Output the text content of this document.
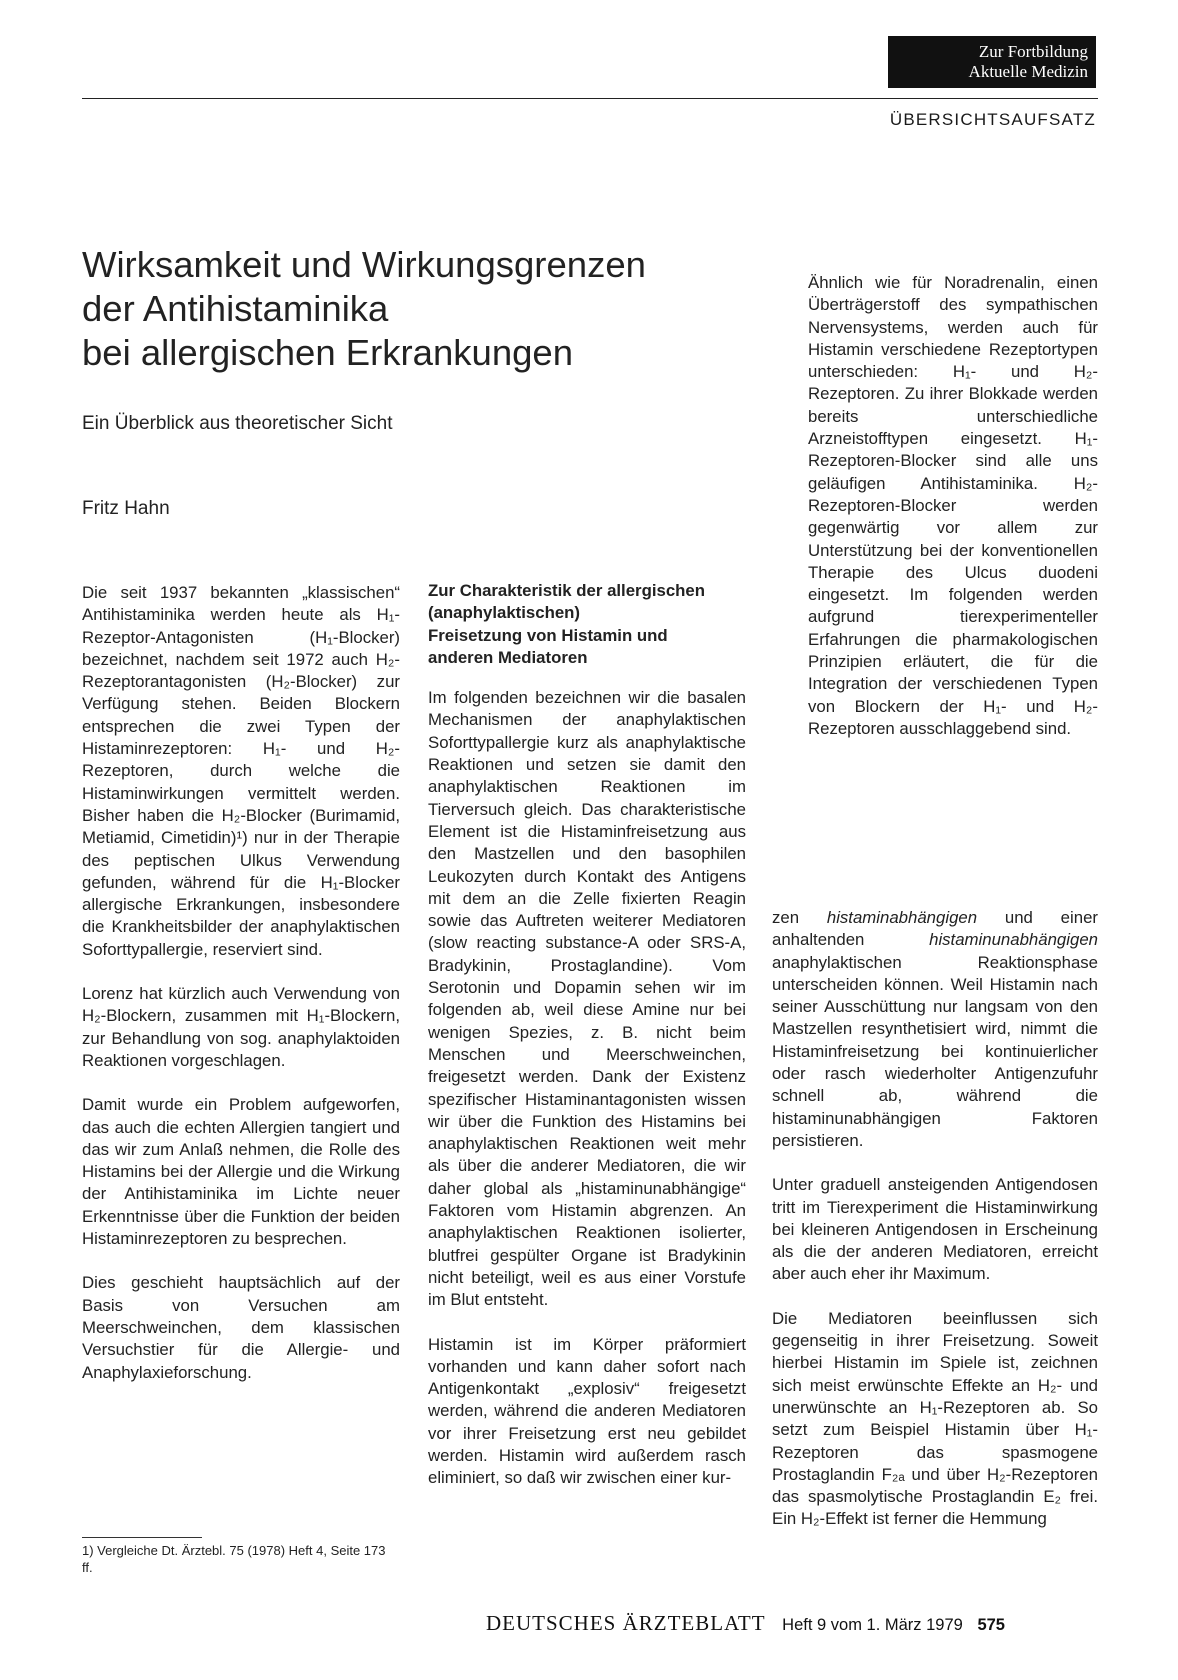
Zur Fortbildung
Aktuelle Medizin
ÜBERSICHTSAUFSATZ
Wirksamkeit und Wirkungsgrenzen
der Antihistaminika
bei allergischen Erkrankungen
Ein Überblick aus theoretischer Sicht
Fritz Hahn

Die seit 1937 bekannten „klassischen“ Antihistaminika werden heute als H₁-Rezeptor-Antagonisten (H₁-Blocker) bezeichnet, nachdem seit 1972 auch H₂-Rezeptorantagonisten (H₂-Blocker) zur Verfügung stehen. Beiden Blockern entsprechen die zwei Typen der Histaminrezeptoren: H₁- und H₂-Rezeptoren, durch welche die Histaminwirkungen vermittelt werden. Bisher haben die H₂-Blocker (Burimamid, Metiamid, Cimetidin)¹) nur in der Therapie des peptischen Ulkus Verwendung gefunden, während für die H₁-Blocker allergische Erkrankungen, insbesondere die Krankheitsbilder der anaphylaktischen Soforttypallergie, reserviert sind.

Lorenz hat kürzlich auch Verwendung von H₂-Blockern, zusammen mit H₁-Blockern, zur Behandlung von sog. anaphylaktoiden Reaktionen vorgeschlagen.

Damit wurde ein Problem aufgeworfen, das auch die echten Allergien tangiert und das wir zum Anlaß nehmen, die Rolle des Histamins bei der Allergie und die Wirkung der Antihistaminika im Lichte neuer Erkenntnisse über die Funktion der beiden Histaminrezeptoren zu besprechen.

Dies geschieht hauptsächlich auf der Basis von Versuchen am Meerschweinchen, dem klassischen Versuchstier für die Allergie- und Anaphylaxieforschung.

1) Vergleiche Dt. Ärztebl. 75 (1978) Heft 4, Seite 173 ff.
Zur Charakteristik der allergischen
(anaphylaktischen)
Freisetzung von Histamin und
anderen Mediatoren

Im folgenden bezeichnen wir die basalen Mechanismen der anaphylaktischen Soforttypallergie kurz als anaphylaktische Reaktionen und setzen sie damit den anaphylaktischen Reaktionen im Tierversuch gleich. Das charakteristische Element ist die Histaminfreisetzung aus den Mastzellen und den basophilen Leukozyten durch Kontakt des Antigens mit dem an die Zelle fixierten Reagin sowie das Auftreten weiterer Mediatoren (slow reacting substance-A oder SRS-A, Bradykinin, Prostaglandine). Vom Serotonin und Dopamin sehen wir im folgenden ab, weil diese Amine nur bei wenigen Spezies, z. B. nicht beim Menschen und Meerschweinchen, freigesetzt werden. Dank der Existenz spezifischer Histaminantagonisten wissen wir über die Funktion des Histamins bei anaphylaktischen Reaktionen weit mehr als über die anderer Mediatoren, die wir daher global als „histaminunabhängige“ Faktoren vom Histamin abgrenzen. An anaphylaktischen Reaktionen isolierter, blutfrei gespülter Organe ist Bradykinin nicht beteiligt, weil es aus einer Vorstufe im Blut entsteht.

Histamin ist im Körper präformiert vorhanden und kann daher sofort nach Antigenkontakt „explosiv“ freigesetzt werden, während die anderen Mediatoren vor ihrer Freisetzung erst neu gebildet werden. Histamin wird außerdem rasch eliminiert, so daß wir zwischen einer kur-

Ähnlich wie für Noradrenalin, einen Überträgerstoff des sympathischen Nervensystems, werden auch für Histamin verschiedene Rezeptortypen unterschieden: H₁- und H₂-Rezeptoren. Zu ihrer Blokkade werden bereits unterschiedliche Arzneistofftypen eingesetzt. H₁-Rezeptoren-Blocker sind alle uns geläufigen Antihistaminika. H₂-Rezeptoren-Blocker werden gegenwärtig vor allem zur Unterstützung bei der konventionellen Therapie des Ulcus duodeni eingesetzt. Im folgenden werden aufgrund tierexperimenteller Erfahrungen die pharmakologischen Prinzipien erläutert, die für die Integration der verschiedenen Typen von Blockern der H₁- und H₂-Rezeptoren ausschlaggebend sind.

zen histaminabhängigen und einer anhaltenden histaminunabhängigen anaphylaktischen Reaktionsphase unterscheiden können. Weil Histamin nach seiner Ausschüttung nur langsam von den Mastzellen resynthetisiert wird, nimmt die Histaminfreisetzung bei kontinuierlicher oder rasch wiederholter Antigenzufuhr schnell ab, während die histaminunabhängigen Faktoren persistieren.

Unter graduell ansteigenden Antigendosen tritt im Tierexperiment die Histaminwirkung bei kleineren Antigendosen in Erscheinung als die der anderen Mediatoren, erreicht aber auch eher ihr Maximum.

Die Mediatoren beeinflussen sich gegenseitig in ihrer Freisetzung. Soweit hierbei Histamin im Spiele ist, zeichnen sich meist erwünschte Effekte an H₂- und unerwünschte an H₁-Rezeptoren ab. So setzt zum Beispiel Histamin über H₁-Rezeptoren das spasmogene Prostaglandin F₂ₐ und über H₂-Rezeptoren das spasmolytische Prostaglandin E₂ frei. Ein H₂-Effekt ist ferner die Hemmung

DEUTSCHES ÄRZTEBLATT Heft 9 vom 1. März 1979 575
